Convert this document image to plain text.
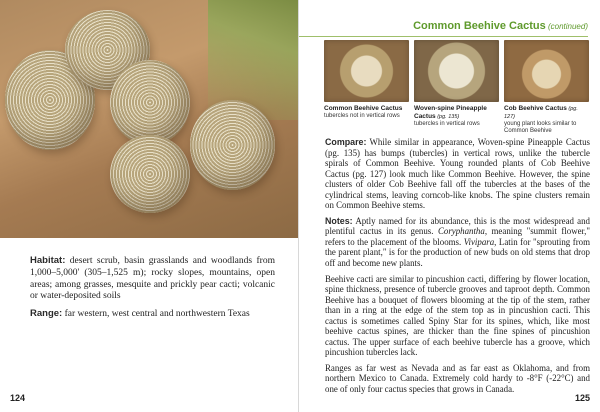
Habitat: desert scrub, basin grasslands and woodlands from 1,000–5,000' (305–1,525 m); rocky slopes, mountains, open areas; among grasses, mesquite and prickly pear cacti; volcanic or water-deposited soils

Range: far western, west central and northwestern Texas

124
Common Beehive Cactus (continued)
Common Beehive Cactus
tubercles not in vertical rows
Woven-spine Pineapple Cactus (pg. 135)
tubercles in vertical rows
Cob Beehive Cactus (pg. 127)
young plant looks similar to Common Beehive

Compare: While similar in appearance, Woven-spine Pineapple Cactus (pg. 135) has bumps (tubercles) in vertical rows, unlike the tubercle spirals of Common Beehive. Young rounded plants of Cob Beehive Cactus (pg. 127) look much like Common Beehive. However, the spine clusters of older Cob Beehive fall off the tubercles at the bases of the cylindrical stems, leaving corncob-like knobs. The spine clusters remain on Common Beehive stems.

Notes: Aptly named for its abundance, this is the most widespread and plentiful cactus in its genus. Coryphantha, meaning "summit flower," refers to the placement of the blooms. Vivipara, Latin for "sprouting from the parent plant," is for the production of new buds on old stems that drop off and become new plants.

Beehive cacti are similar to pincushion cacti, differing by flower location, spine thickness, presence of tubercle grooves and taproot depth. Common Beehive has a bouquet of flowers blooming at the tip of the stem, rather than in a ring at the edge of the stem top as in pincushion cacti. This cactus is sometimes called Spiny Star for its spines, which, like most beehive cactus spines, are thicker than the fine spines of pincushion cactus. The upper surface of each beehive tubercle has a groove, which pincushion tubercles lack.

Ranges as far west as Nevada and as far east as Oklahoma, and from northern Mexico to Canada. Extremely cold hardy to -8°F (-22°C) and one of only four cactus species that grows in Canada.

125
